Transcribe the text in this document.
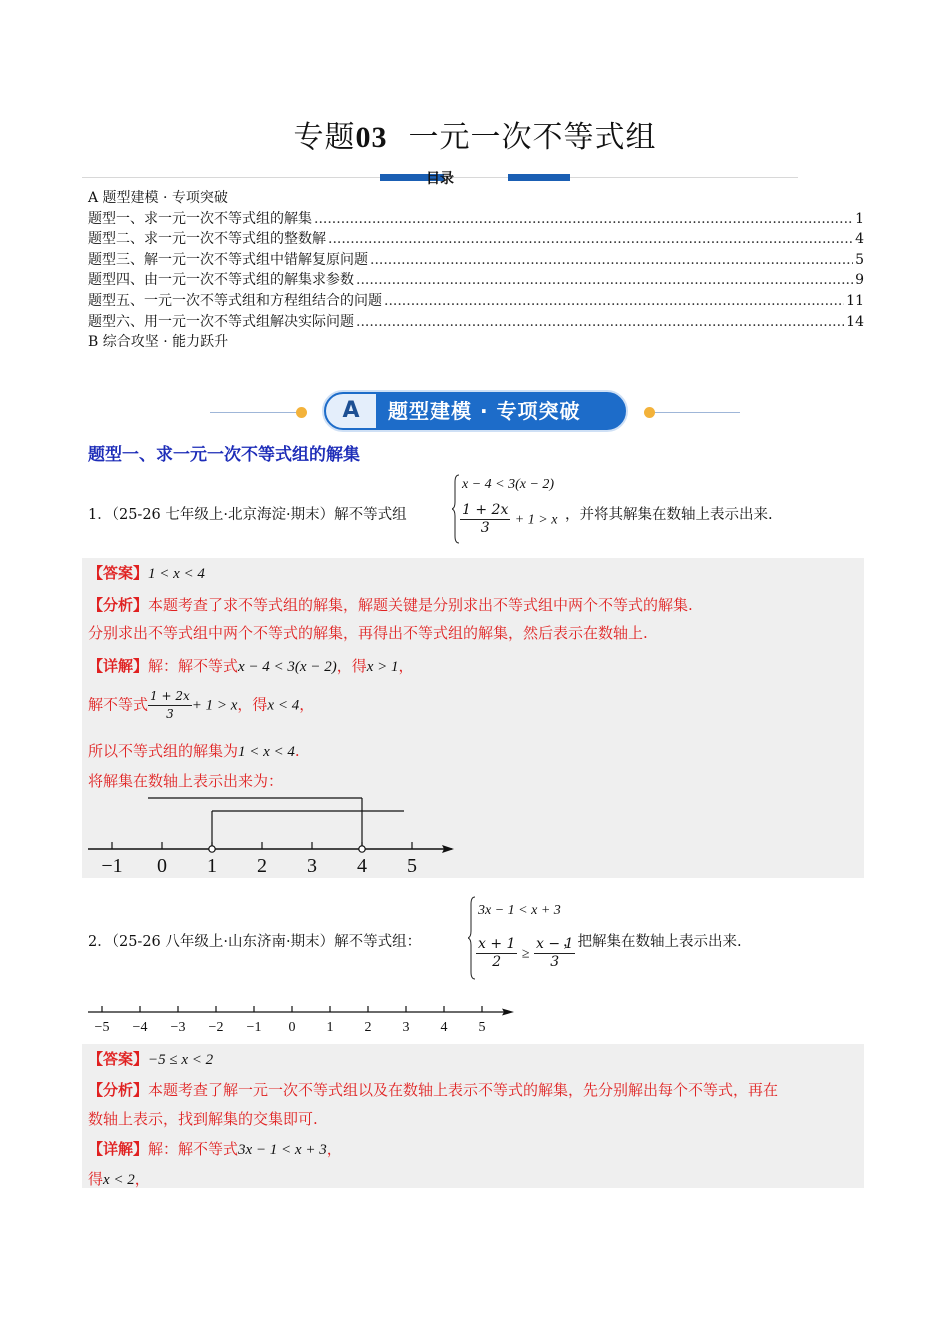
专题03 一元一次不等式组
目录
A 题型建模 · 专项突破
题型一、求一元一次不等式组的解集 .....	1
题型二、求一元一次不等式组的整数解 .....	4
题型三、解一元一次不等式组中错解复原问题 .....	5
题型四、由一元一次不等式组的解集求参数 .....	9
题型五、一元一次不等式组和方程组结合的问题 .....	11
题型六、用一元一次不等式组解决实际问题 .....	14
B 综合攻坚 · 能力跃升
A	题型建模 · 专项突破
题型一、求一元一次不等式组的解集
1．（25-26 七年级上·北京海淀·期末）解不等式组
x − 4 < 3(x − 2)
$\frac{1 + 2x}{3} + 1 > x$ ，并将其解集在数轴上表示出来.
【答案】1 < x < 4
【分析】本题考查了求不等式组的解集，解题关键是分别求出不等式组中两个不等式的解集.
分别求出不等式组中两个不等式的解集，再得出不等式组的解集，然后表示在数轴上.
【详解】解：解不等式x − 4 < 3(x − 2)，得x > 1，
解不等式 $\frac{1 + 2x}{3} + 1 > x$，得x < 4，
所以不等式组的解集为1 < x < 4.
将解集在数轴上表示出来为：
−1 0 1 2 3 4 5
2．（25-26 八年级上·山东济南·期末）解不等式组：
3x − 1 < x + 3
$\frac{x + 1}{2} \ge \frac{x - 1}{3}$
，把解集在数轴上表示出来.
−5 −4 −3 −2 −1 0 1 2 3 4 5
【答案】−5 ≤ x < 2
【分析】本题考查了解一元一次不等式组以及在数轴上表示不等式的解集，先分别解出每个不等式，再在
数轴上表示，找到解集的交集即可.
【详解】解：解不等式3x − 1 < x + 3，
得x < 2，
